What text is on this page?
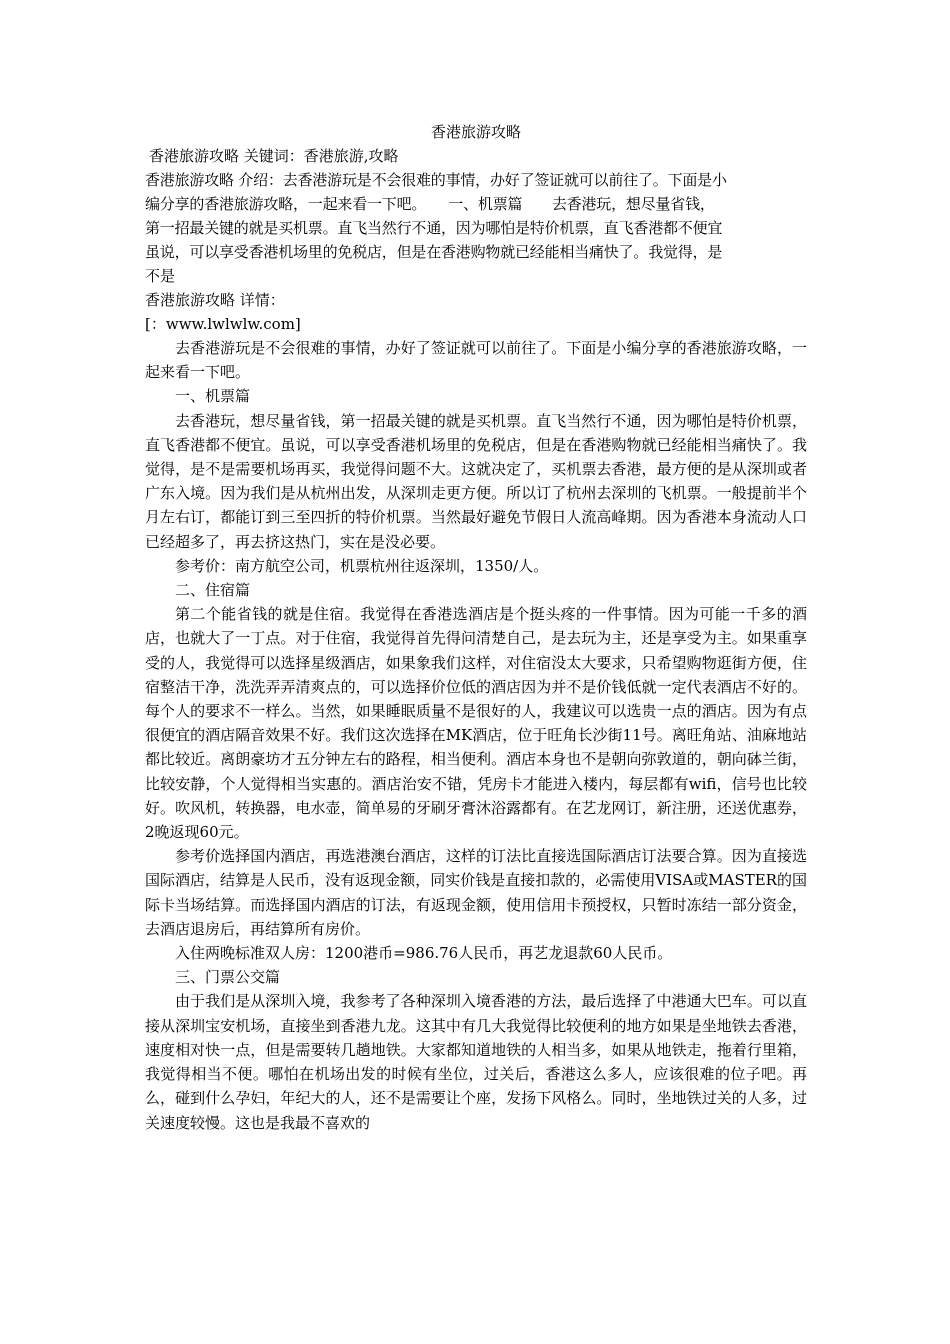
香港旅游攻略

香港旅游攻略 关键词：香港旅游,攻略

香港旅游攻略 介绍：去香港游玩是不会很难的事情，办好了签证就可以前往了。下面是小

编分享的香港旅游攻略，一起来看一下吧。　　一、机票篇　　去香港玩，想尽量省钱，

第一招最关键的就是买机票。直飞当然行不通，因为哪怕是特价机票，直飞香港都不便宜

虽说，可以享受香港机场里的免税店，但是在香港购物就已经能相当痛快了。我觉得，是

不是

香港旅游攻略 详情：

[：www.lwlwlw.com]

去香港游玩是不会很难的事情，办好了签证就可以前往了。下面是小编分享的香港旅游攻略，一起来看一下吧。

一、机票篇

去香港玩，想尽量省钱，第一招最关键的就是买机票。直飞当然行不通，因为哪怕是特价机票，直飞香港都不便宜。虽说，可以享受香港机场里的免税店，但是在香港购物就已经能相当痛快了。我觉得，是不是需要机场再买，我觉得问题不大。这就决定了，买机票去香港，最方便的是从深圳或者广东入境。因为我们是从杭州出发，从深圳走更方便。所以订了杭州去深圳的飞机票。一般提前半个月左右订，都能订到三至四折的特价机票。当然最好避免节假日人流高峰期。因为香港本身流动人口已经超多了，再去挤这热门，实在是没必要。

参考价：南方航空公司，机票杭州往返深圳，1350/人。

二、住宿篇

第二个能省钱的就是住宿。我觉得在香港选酒店是个挺头疼的一件事情。因为可能一千多的酒店，也就大了一丁点。对于住宿，我觉得首先得问清楚自己，是去玩为主，还是享受为主。如果重享受的人，我觉得可以选择星级酒店，如果象我们这样，对住宿没太大要求，只希望购物逛街方便，住宿整洁干净，洗洗弄弄清爽点的，可以选择价位低的酒店因为并不是价钱低就一定代表酒店不好的。每个人的要求不一样么。当然，如果睡眠质量不是很好的人，我建议可以选贵一点的酒店。因为有点很便宜的酒店隔音效果不好。我们这次选择在MK酒店，位于旺角长沙街11号。离旺角站、油麻地站都比较近。离朗豪坊才五分钟左右的路程，相当便利。酒店本身也不是朝向弥敦道的，朝向砵兰街，比较安静，个人觉得相当实惠的。酒店治安不错，凭房卡才能进入楼内，每层都有wifi，信号也比较好。吹风机，转换器，电水壶，简单易的牙刷牙膏沐浴露都有。在艺龙网订，新注册，还送优惠券，2晚返现60元。

参考价选择国内酒店，再选港澳台酒店，这样的订法比直接选国际酒店订法要合算。因为直接选国际酒店，结算是人民币，没有返现金额，同实价钱是直接扣款的，必需使用VISA或MASTER的国际卡当场结算。而选择国内酒店的订法，有返现金额，使用信用卡预授权，只暂时冻结一部分资金，去酒店退房后，再结算所有房价。

入住两晚标准双人房：1200港币=986.76人民币，再艺龙退款60人民币。

三、门票公交篇

由于我们是从深圳入境，我参考了各种深圳入境香港的方法，最后选择了中港通大巴车。可以直接从深圳宝安机场，直接坐到香港九龙。这其中有几大我觉得比较便利的地方如果是坐地铁去香港，速度相对快一点，但是需要转几趟地铁。大家都知道地铁的人相当多，如果从地铁走，拖着行里箱，我觉得相当不便。哪怕在机场出发的时候有坐位，过关后，香港这么多人，应该很难的位子吧。再么，碰到什么孕妇，年纪大的人，还不是需要让个座，发扬下风格么。同时，坐地铁过关的人多，过关速度较慢。这也是我最不喜欢的
